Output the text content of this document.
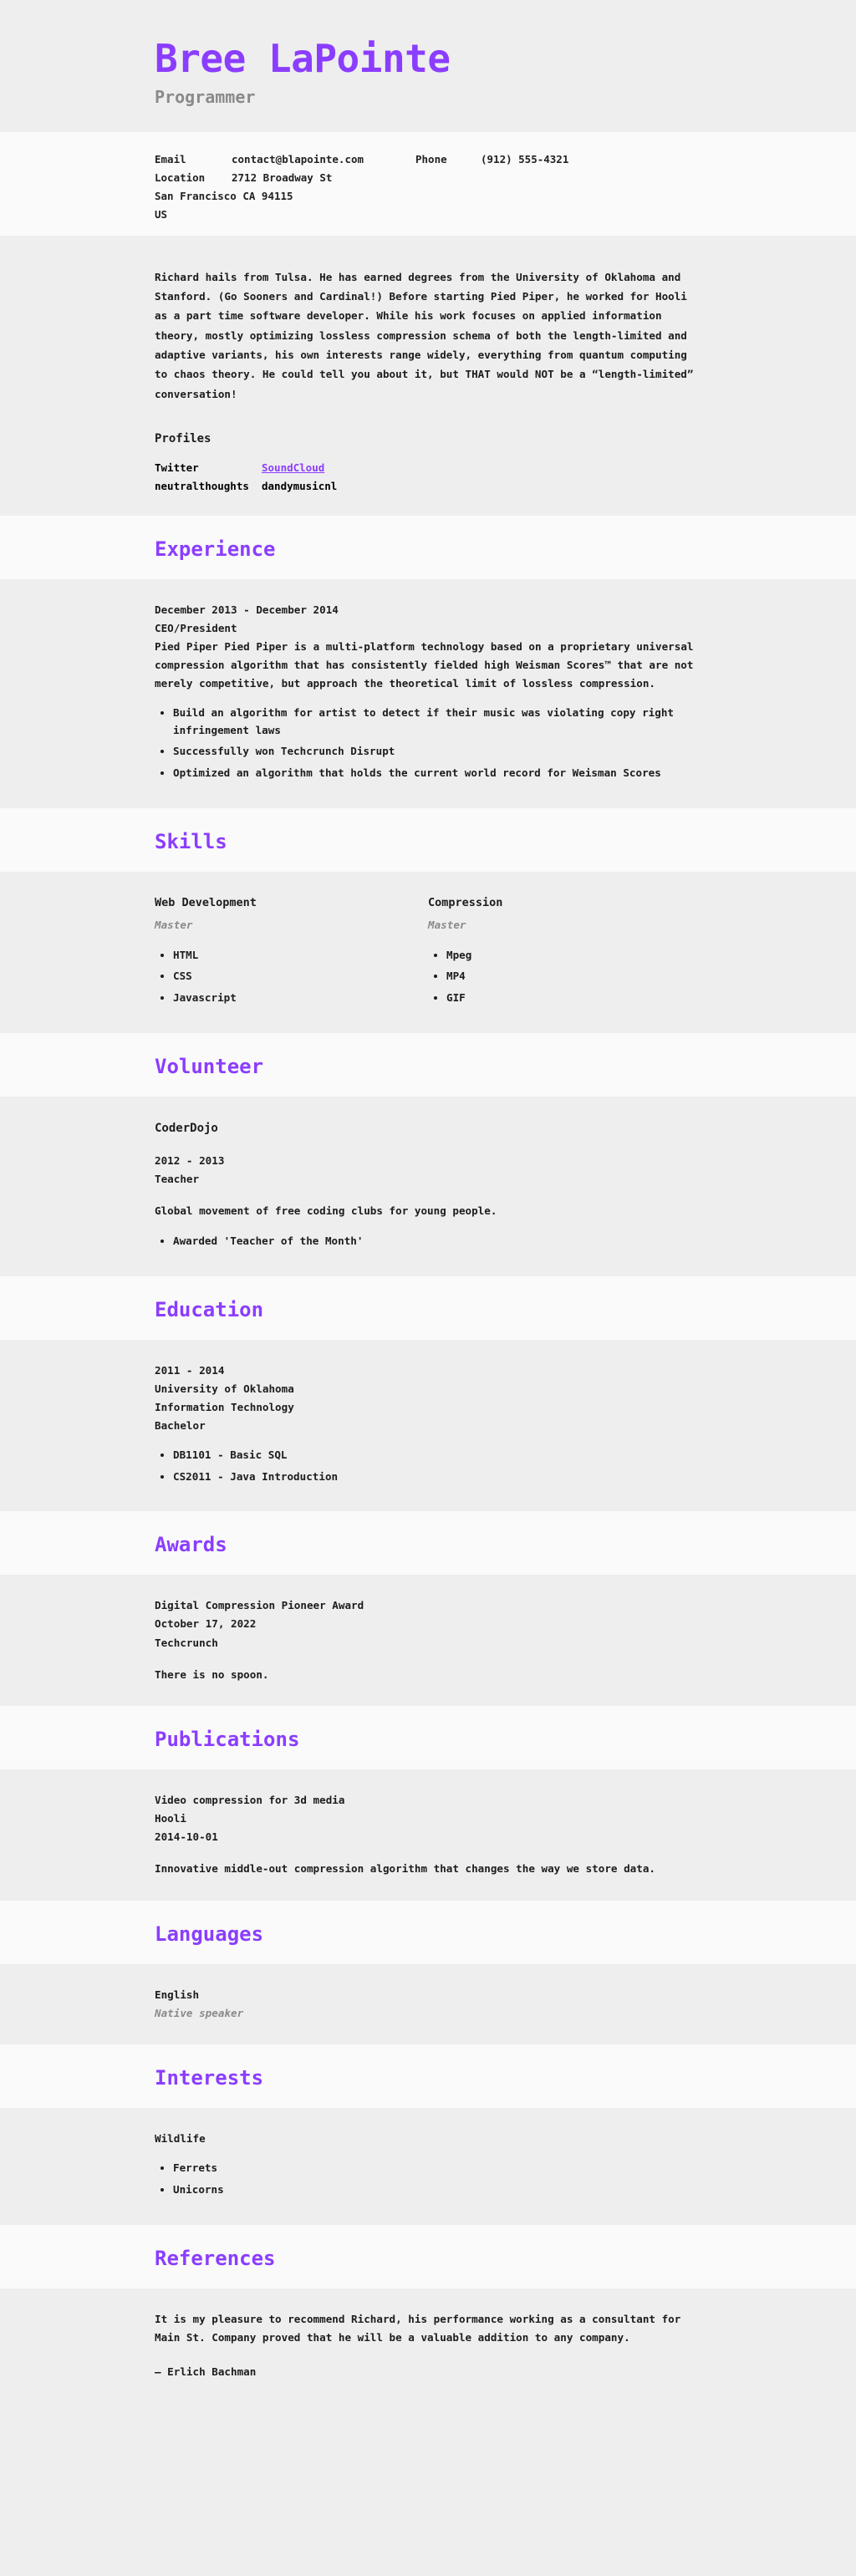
Bree LaPointe

Programmer

Email	contact@blapointe.com	Phone	(912) 555-4321
Location	2712 Broadway St
San Francisco CA 94115
US

Richard hails from Tulsa. He has earned degrees from the University of Oklahoma and Stanford. (Go Sooners and Cardinal!) Before starting Pied Piper, he worked for Hooli as a part time software developer. While his work focuses on applied information theory, mostly optimizing lossless compression schema of both the length-limited and adaptive variants, his own interests range widely, everything from quantum computing to chaos theory. He could tell you about it, but THAT would NOT be a “length-limited” conversation!

Profiles
Twitter
neutralthoughts
SoundCloud
dandymusicnl
Experience

December 2013 - December 2014

CEO/President

Pied Piper Pied Piper is a multi-platform technology based on a proprietary universal compression algorithm that has consistently fielded high Weisman Scores™ that are not merely competitive, but approach the theoretical limit of lossless compression.
• Build an algorithm for artist to detect if their music was violating copy right infringement laws
• Successfully won Techcrunch Disrupt
• Optimized an algorithm that holds the current world record for Weisman Scores
Skills

Web Development

Master

• HTML
• CSS
• Javascript

Compression

Master

• Mpeg
• MP4
• GIF
Volunteer

CoderDojo

2012 - 2013

Teacher

Global movement of free coding clubs for young people.

• Awarded 'Teacher of the Month'
Education

2011 - 2014

University of Oklahoma

Information Technology

Bachelor

• DB1101 - Basic SQL
• CS2011 - Java Introduction
Awards

Digital Compression Pioneer Award

October 17, 2022

Techcrunch

There is no spoon.

Publications

Video compression for 3d media

Hooli

2014-10-01

Innovative middle-out compression algorithm that changes the way we store data.

Languages

English

Native speaker

Interests

Wildlife

• Ferrets
• Unicorns
References

It is my pleasure to recommend Richard, his performance working as a consultant for Main St. Company proved that he will be a valuable addition to any company.

– Erlich Bachman
